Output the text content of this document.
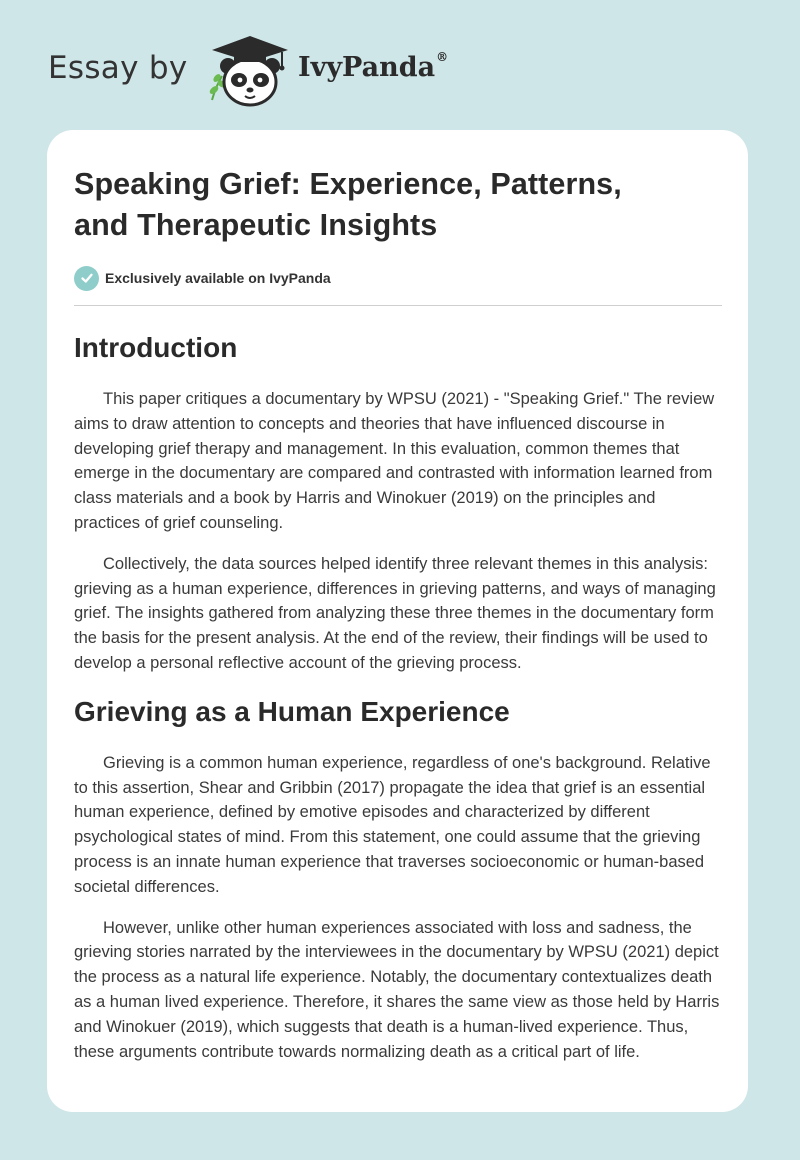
Essay by	IvyPanda®
Speaking Grief: Experience, Patterns,
and Therapeutic Insights
Exclusively available on IvyPanda
Introduction

This paper critiques a documentary by WPSU (2021) - "Speaking Grief." The review aims to draw attention to concepts and theories that have influenced discourse in developing grief therapy and management. In this evaluation, common themes that emerge in the documentary are compared and contrasted with information learned from class materials and a book by Harris and Winokuer (2019) on the principles and practices of grief counseling.

Collectively, the data sources helped identify three relevant themes in this analysis: grieving as a human experience, differences in grieving patterns, and ways of managing grief. The insights gathered from analyzing these three themes in the documentary form the basis for the present analysis. At the end of the review, their findings will be used to develop a personal reflective account of the grieving process.

Grieving as a Human Experience

Grieving is a common human experience, regardless of one's background. Relative to this assertion, Shear and Gribbin (2017) propagate the idea that grief is an essential human experience, defined by emotive episodes and characterized by different psychological states of mind. From this statement, one could assume that the grieving process is an innate human experience that traverses socioeconomic or human-based societal differences.

However, unlike other human experiences associated with loss and sadness, the grieving stories narrated by the interviewees in the documentary by WPSU (2021) depict the process as a natural life experience. Notably, the documentary contextualizes death as a human lived experience. Therefore, it shares the same view as those held by Harris and Winokuer (2019), which suggests that death is a human-lived experience. Thus, these arguments contribute towards normalizing death as a critical part of life.
